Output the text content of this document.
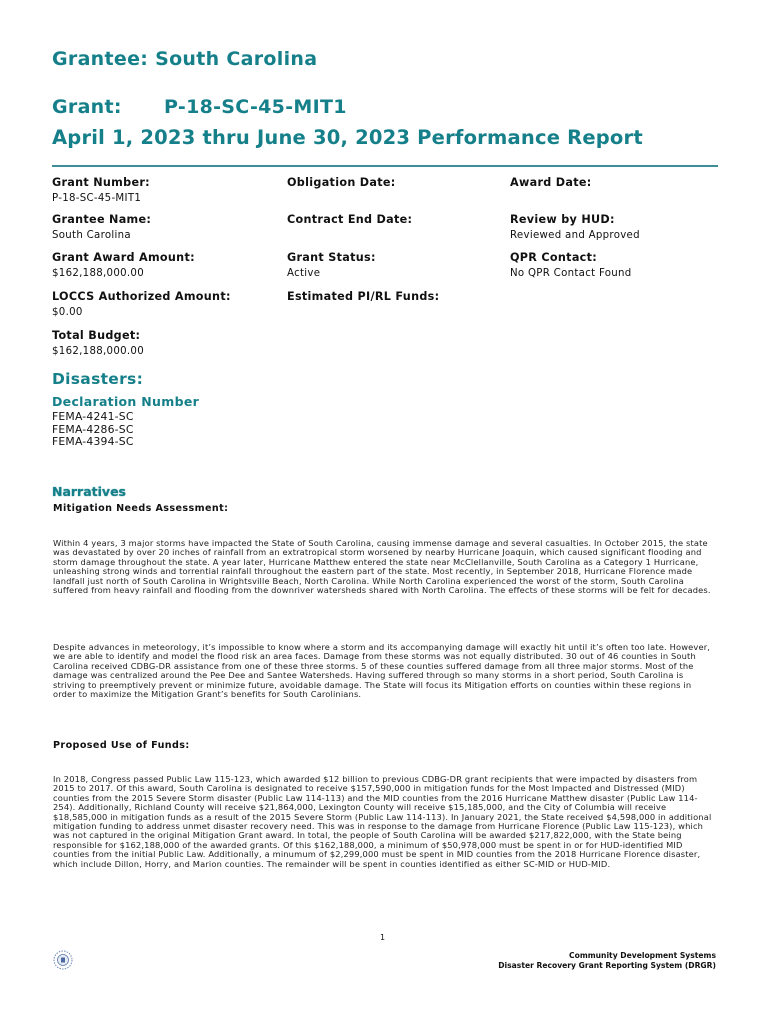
Grantee: South Carolina
Grant: P-18-SC-45-MIT1
April 1, 2023 thru June 30, 2023 Performance Report
Grant Number:
P-18-SC-45-MIT1
Obligation Date:	Award Date:
Grantee Name:
South Carolina
Contract End Date:	Review by HUD:
Reviewed and Approved
Grant Award Amount:
$162,188,000.00
Grant Status:
Active
QPR Contact:
No QPR Contact Found
LOCCS Authorized Amount:
$0.00
Estimated PI/RL Funds:
Total Budget:
$162,188,000.00
Disasters:
Declaration Number
FEMA-4241-SC
FEMA-4286-SC
FEMA-4394-SC
Narratives
Mitigation Needs Assessment:
Within 4 years, 3 major storms have impacted the State of South Carolina, causing immense damage and several casualties. In October 2015, the state was devastated by over 20 inches of rainfall from an extratropical storm worsened by nearby Hurricane Joaquin, which caused significant flooding and storm damage throughout the state. A year later, Hurricane Matthew entered the state near McClellanville, South Carolina as a Category 1 Hurricane, unleashing strong winds and torrential rainfall throughout the eastern part of the state. Most recently, in September 2018, Hurricane Florence made landfall just north of South Carolina in Wrightsville Beach, North Carolina. While North Carolina experienced the worst of the storm, South Carolina suffered from heavy rainfall and flooding from the downriver watersheds shared with North Carolina. The effects of these storms will be felt for decades.
Despite advances in meteorology, it’s impossible to know where a storm and its accompanying damage will exactly hit until it’s often too late. However, we are able to identify and model the flood risk an area faces. Damage from these storms was not equally distributed. 30 out of 46 counties in South Carolina received CDBG-DR assistance from one of these three storms. 5 of these counties suffered damage from all three major storms. Most of the damage was centralized around the Pee Dee and Santee Watersheds. Having suffered through so many storms in a short period, South Carolina is striving to preemptively prevent or minimize future, avoidable damage. The State will focus its Mitigation efforts on counties within these regions in order to maximize the Mitigation Grant’s benefits for South Carolinians.
Proposed Use of Funds:
In 2018, Congress passed Public Law 115-123, which awarded $12 billion to previous CDBG-DR grant recipients that were impacted by disasters from 2015 to 2017. Of this award, South Carolina is designated to receive $157,590,000 in mitigation funds for the Most Impacted and Distressed (MID) counties from the 2015 Severe Storm disaster (Public Law 114-113) and the MID counties from the 2016 Hurricane Matthew disaster (Public Law 114-254). Additionally, Richland County will receive $21,864,000, Lexington County will receive $15,185,000, and the City of Columbia will receive $18,585,000 in mitigation funds as a result of the 2015 Severe Storm (Public Law 114-113). In January 2021, the State received $4,598,000 in additional mitigation funding to address unmet disaster recovery need. This was in response to the damage from Hurricane Florence (Public Law 115-123), which was not captured in the original Mitigation Grant award. In total, the people of South Carolina will be awarded $217,822,000, with the State being responsible for $162,188,000 of the awarded grants. Of this $162,188,000, a minimum of $50,978,000 must be spent in or for HUD-identified MID counties from the initial Public Law. Additionally, a minumum of $2,299,000 must be spent in MID counties from the 2018 Hurricane Florence disaster, which include Dillon, Horry, and Marion counties. The remainder will be spent in counties identified as either SC-MID or HUD-MID.
1
Community Development Systems
Disaster Recovery Grant Reporting System (DRGR)
